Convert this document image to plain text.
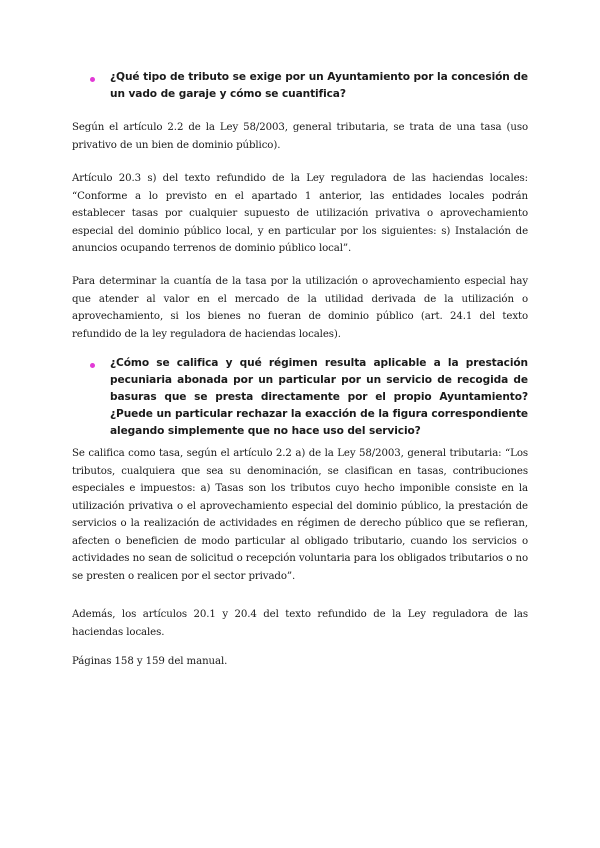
¿Qué tipo de tributo se exige por un Ayuntamiento por la concesión de un vado de garaje y cómo se cuantifica?
Según el artículo 2.2 de la Ley 58/2003, general tributaria, se trata de una tasa (uso privativo de un bien de dominio público).
Artículo 20.3 s) del texto refundido de la Ley reguladora de las haciendas locales: “Conforme a lo previsto en el apartado 1 anterior, las entidades locales podrán establecer tasas por cualquier supuesto de utilización privativa o aprovechamiento especial del dominio público local, y en particular por los siguientes: s) Instalación de anuncios ocupando terrenos de dominio público local”.
Para determinar la cuantía de la tasa por la utilización o aprovechamiento especial hay que atender al valor en el mercado de la utilidad derivada de la utilización o aprovechamiento, si los bienes no fueran de dominio público (art. 24.1 del texto refundido de la ley reguladora de haciendas locales).
¿Cómo se califica y qué régimen resulta aplicable a la prestación pecuniaria abonada por un particular por un servicio de recogida de basuras que se presta directamente por el propio Ayuntamiento? ¿Puede un particular rechazar la exacción de la figura correspondiente alegando simplemente que no hace uso del servicio?
Se califica como tasa, según el artículo 2.2 a) de la Ley 58/2003, general tributaria: “Los tributos, cualquiera que sea su denominación, se clasifican en tasas, contribuciones especiales e impuestos: a) Tasas son los tributos cuyo hecho imponible consiste en la utilización privativa o el aprovechamiento especial del dominio público, la prestación de servicios o la realización de actividades en régimen de derecho público que se refieran, afecten o beneficien de modo particular al obligado tributario, cuando los servicios o actividades no sean de solicitud o recepción voluntaria para los obligados tributarios o no se presten o realicen por el sector privado”.
Además, los artículos 20.1 y 20.4 del texto refundido de la Ley reguladora de las haciendas locales.
Páginas 158 y 159 del manual.
